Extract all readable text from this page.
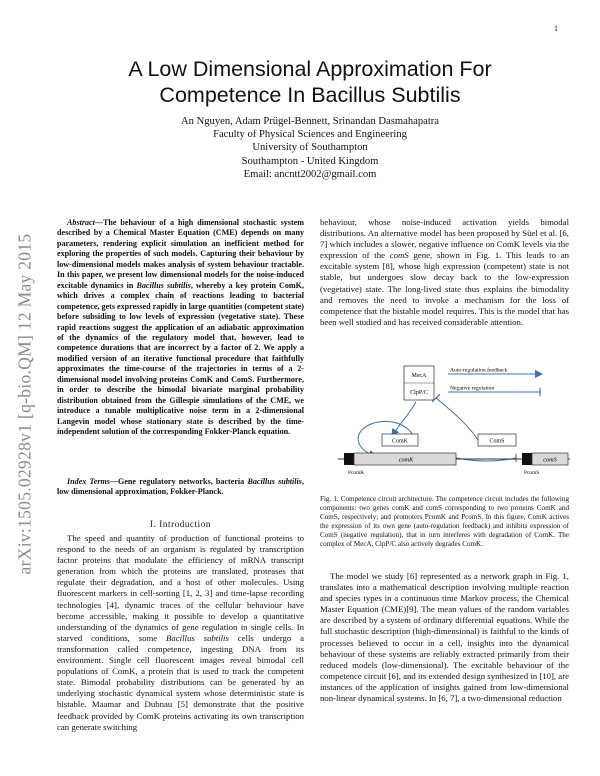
1
arXiv:1505.02928v1 [q-bio.QM] 12 May 2015
A Low Dimensional Approximation For
Competence In Bacillus Subtilis
An Nguyen, Adam Prügel-Bennett, Srinandan Dasmahapatra
Faculty of Physical Sciences and Engineering
University of Southampton
Southampton - United Kingdom
Email: ancntt2002@gmail.com

Abstract—The behaviour of a high dimensional stochastic system described by a Chemical Master Equation (CME) depends on many parameters, rendering explicit simulation an inefficient method for exploring the properties of such models. Capturing their behaviour by low-dimensional models makes analysis of system behaviour tractable. In this paper, we present low dimensional models for the noise-induced excitable dynamics in Bacillus subtilis, whereby a key protein ComK, which drives a complex chain of reactions leading to bacterial competence, gets expressed rapidly in large quantities (competent state) before subsiding to low levels of expression (vegetative state). These rapid reactions suggest the application of an adiabatic approximation of the dynamics of the regulatory model that, however, lead to competence durations that are incorrect by a factor of 2. We apply a modified version of an iterative functional procedure that faithfully approximates the time-course of the trajectories in terms of a 2-dimensional model involving proteins ComK and ComS. Furthermore, in order to describe the bimodal bivariate marginal probability distribution obtained from the Gillespie simulations of the CME, we introduce a tunable multiplicative noise term in a 2-dimensional Langevin model whose stationary state is described by the time-independent solution of the corresponding Fokker-Planck equation.

Index Terms—Gene regulatory networks, bacteria Bacillus subtilis, low dimensional approximation, Fokker-Planck.

I. Introduction

The speed and quantity of production of functional proteins to respond to the needs of an organism is regulated by transcription factor proteins that modulate the efficiency of mRNA transcript generation from which the proteins are translated, proteases that regulate their degradation, and a host of other molecules. Using fluorescent markers in cell-sorting [1, 2, 3] and time-lapse recording technologies [4], dynamic traces of the cellular behaviour have become accessible, making it possible to develop a quantitative understanding of the dynamics of gene regulation in single cells. In starved conditions, some Bacillus subtilis cells undergo a transformation called competence, ingesting DNA from its environment. Single cell fluorescent images reveal bimodal cell populations of ComK, a protein that is used to track the competent state. Bimodal probability distributions can be generated by an underlying stochastic dynamical system whose deterministic state is bistable. Maamar and Dubnau [5] demonstrate that the positive feedback provided by ComK proteins activating its own transcription can generate switching

behaviour, whose noise-induced activation yields bimodal distributions. An alternative model has been proposed by Süel et al. [6, 7] which includes a slower, negative influence on ComK levels via the expression of the comS gene, shown in Fig. 1. This leads to an excitable system [8], whose high expression (competent) state is not stable, but undergoes slow decay back to the low-expression (vegetative) state. The long-lived state thus explains the bimodality and removes the need to invoke a mechanism for the loss of competence that the bistable model requires. This is the model that has been well studied and has received considerable attention.

MecA
ClpP/C
Auto-regulation feedback
Negative regulation
ComK	ComS
comK
PcomK
comS
PcomS
Fig. 1. Competence circuit architecture. The competence circuit includes the following components: two genes comK and comS corresponding to two proteins ComK and ComS, respectively; and promoters PcomK and PcomS. In this figure, ComK actives the expression of its own gene (auto-regulation feedback) and inhibits expression of ComS (negative regulation), that in turn interferes with degradation of ComK. The complex of MecA, ClpP/C also actively degrades ComK.

The model we study [6] represented as a network graph in Fig. 1, translates into a mathematical description involving multiple reaction and species types in a continuous time Markov process, the Chemical Master Equation (CME)[9]. The mean values of the random variables are described by a system of ordinary differential equations. While the full stochastic description (high-dimensional) is faithful to the kinds of processes believed to occur in a cell, insights into the dynamical behaviour of these systems are reliably extracted primarily from their reduced models (low-dimensional). The excitable behaviour of the competence circuit [6], and its extended design synthesized in [10], are instances of the application of insights gained from low-dimensional non-linear dynamical systems. In [6, 7], a two-dimensional reduction
